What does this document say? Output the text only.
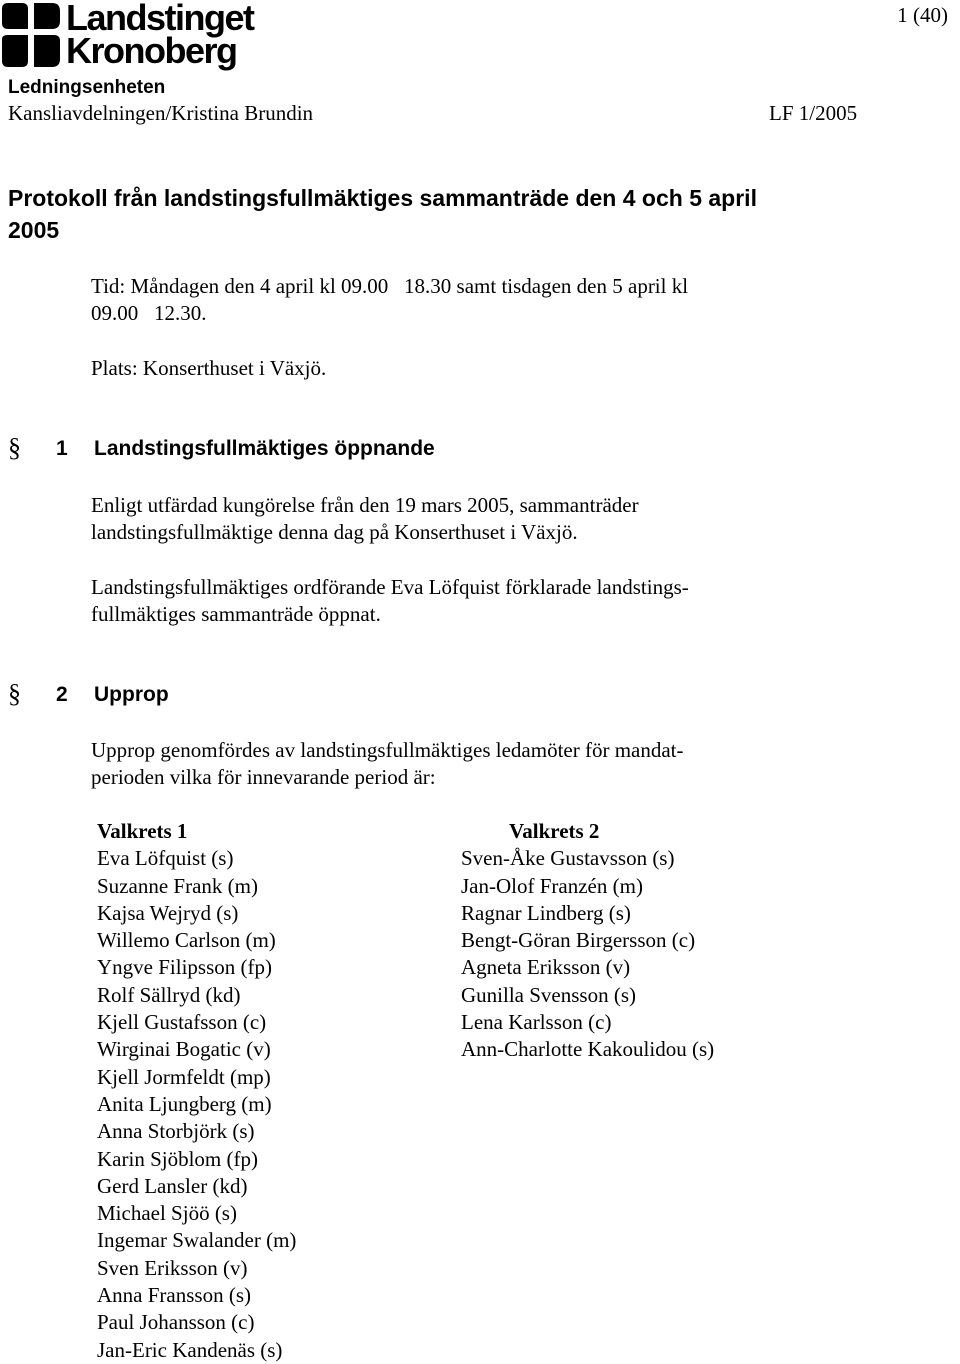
Landstinget
Kronoberg
1 (40)
Ledningsenheten
Kansliavdelningen/Kristina Brundin	LF 1/2005
Protokoll från landstingsfullmäktiges sammanträde den 4 och 5 april 2005
Tid: Måndagen den 4 april kl 09.00   18.30 samt tisdagen den 5 april kl
09.00   12.30.
Plats: Konserthuset i Växjö.
§ 1 Landstingsfullmäktiges öppnande
Enligt utfärdad kungörelse från den 19 mars 2005, sammanträder
landstingsfullmäktige denna dag på Konserthuset i Växjö.
Landstingsfullmäktiges ordförande Eva Löfquist förklarade landstings-
fullmäktiges sammanträde öppnat.
§ 2 Upprop
Upprop genomfördes av landstingsfullmäktiges ledamöter för mandat-
perioden vilka för innevarande period är:
Valkrets 1
Eva Löfquist (s)
Suzanne Frank (m)
Kajsa Wejryd (s)
Willemo Carlson (m)
Yngve Filipsson (fp)
Rolf Sällryd (kd)
Kjell Gustafsson (c)
Wirginai Bogatic (v)
Kjell Jormfeldt (mp)
Anita Ljungberg (m)
Anna Storbjörk (s)
Karin Sjöblom (fp)
Gerd Lansler (kd)
Michael Sjöö (s)
Ingemar Swalander (m)
Sven Eriksson (v)
Anna Fransson (s)
Paul Johansson (c)
Jan-Eric Kandenäs (s)
Valkrets 2
Sven-Åke Gustavsson (s)
Jan-Olof Franzén (m)
Ragnar Lindberg (s)
Bengt-Göran Birgersson (c)
Agneta Eriksson (v)
Gunilla Svensson (s)
Lena Karlsson (c)
Ann-Charlotte Kakoulidou (s)
